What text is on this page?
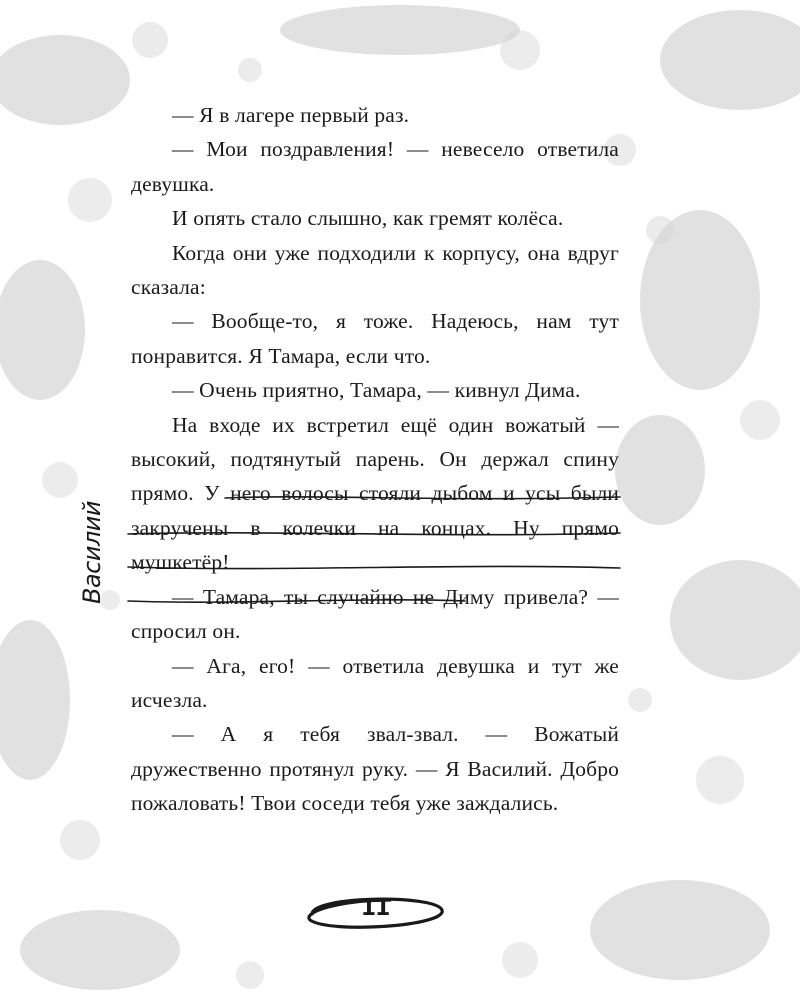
— Я в лагере первый раз.

— Мои поздравления! — невесело ответила девушка.

И опять стало слышно, как гремят колёса.

Когда они уже подходили к корпусу, она вдруг сказала:

— Вообще-то, я тоже. Надеюсь, нам тут понравится. Я Тамара, если что.

— Очень приятно, Тамара, — кивнул Дима.

На входе их встретил ещё один вожатый — высокий, подтянутый парень. Он держал спину прямо. У него волосы стояли дыбом и усы были закручены в колечки на концах. Ну прямо мушкетёр!

— Тамара, ты случайно не Диму привела? — спросил он.

— Ага, его! — ответила девушка и тут же исчезла.

— А я тебя звал-звал. — Вожатый дружественно протянул руку. — Я Василий. Добро пожаловать! Твои соседи тебя уже заждались.

Василий
11
